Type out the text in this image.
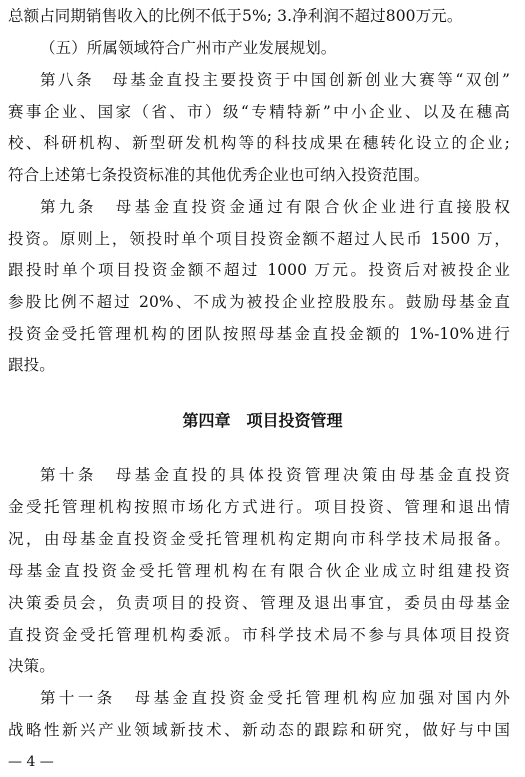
总额占同期销售收入的比例不低于5%; 3.净利润不超过800万元。
（五）所属领域符合广州市产业发展规划。
第八条　母基金直投主要投资于中国创新创业大赛等“双创”
赛事企业、国家（省、市）级“专精特新”中小企业、以及在穗高
校、科研机构、新型研发机构等的科技成果在穗转化设立的企业;
符合上述第七条投资标准的其他优秀企业也可纳入投资范围。
第九条　母基金直投资金通过有限合伙企业进行直接股权
投资。原则上，领投时单个项目投资金额不超过人民币 1500 万，
跟投时单个项目投资金额不超过 1000 万元。投资后对被投企业
参股比例不超过 20%、不成为被投企业控股股东。鼓励母基金直
投资金受托管理机构的团队按照母基金直投金额的 1%-10%进行
跟投。
第四章　项目投资管理
第十条　母基金直投的具体投资管理决策由母基金直投资
金受托管理机构按照市场化方式进行。项目投资、管理和退出情
况，由母基金直投资金受托管理机构定期向市科学技术局报备。
母基金直投资金受托管理机构在有限合伙企业成立时组建投资
决策委员会，负责项目的投资、管理及退出事宜，委员由母基金
直投资金受托管理机构委派。市科学技术局不参与具体项目投资
决策。
第十一条　母基金直投资金受托管理机构应加强对国内外
战略性新兴产业领域新技术、新动态的跟踪和研究，做好与中国
— 4 —
